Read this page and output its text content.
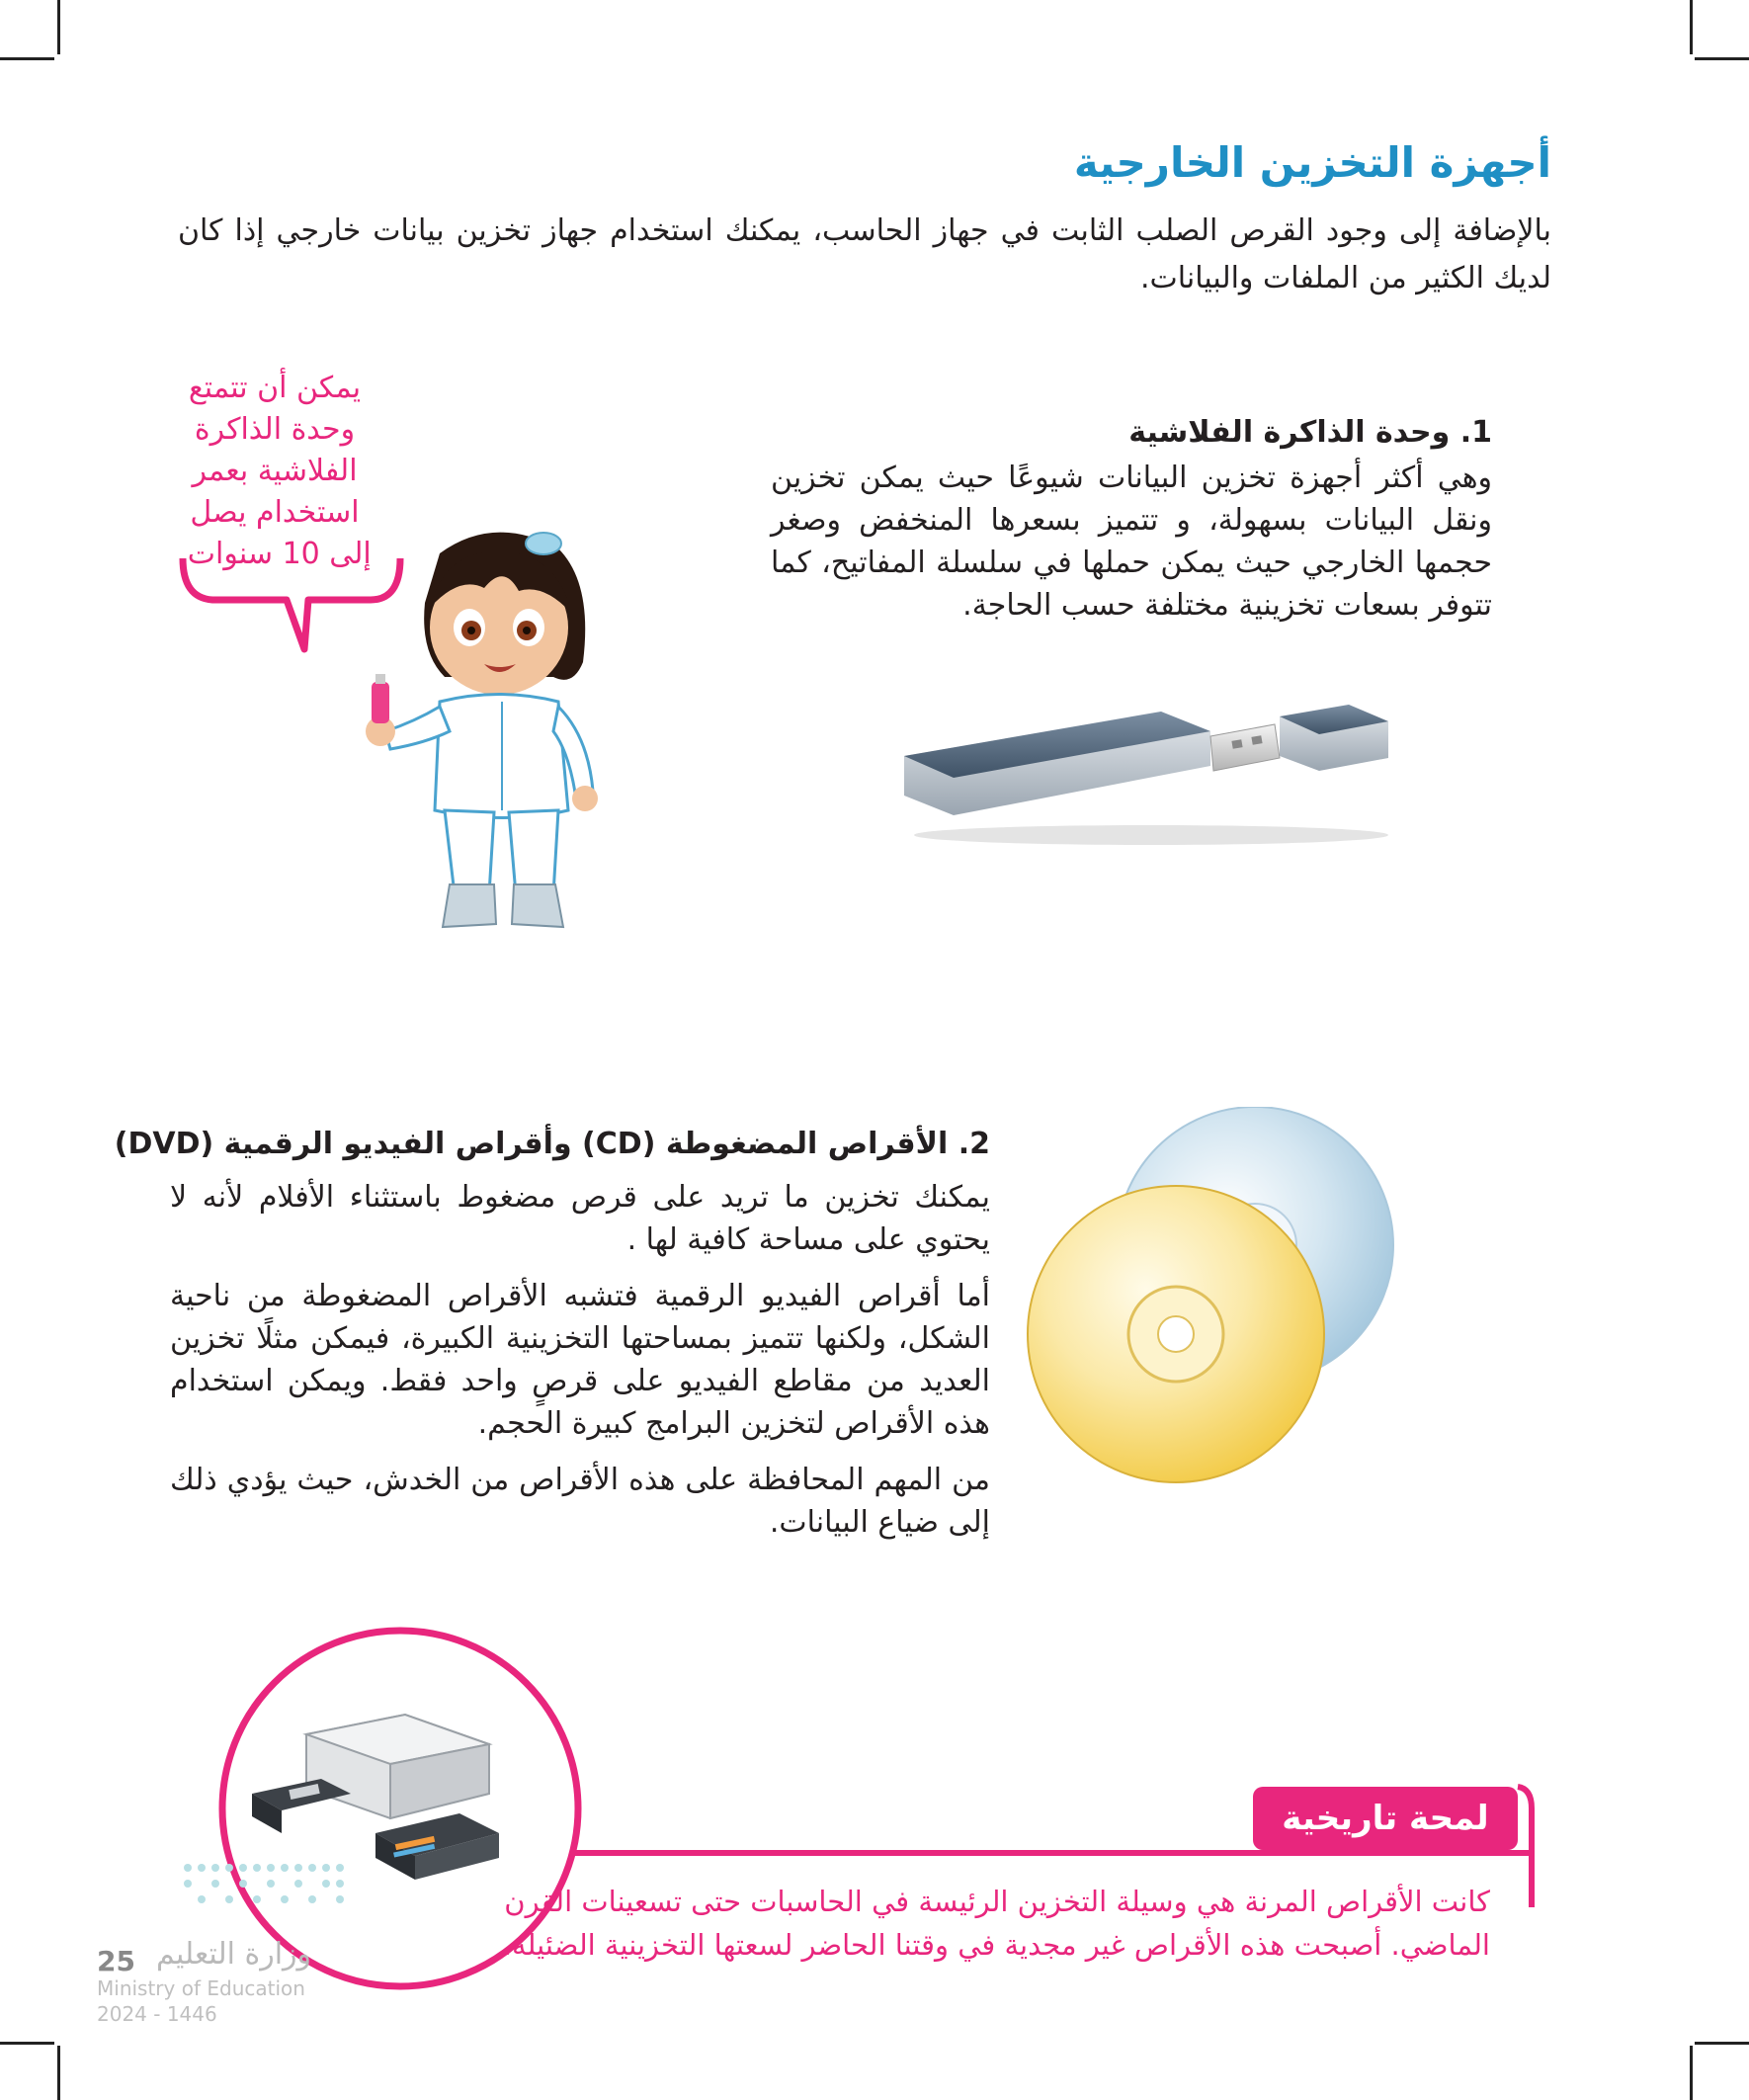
أجهزة التخزين الخارجية
بالإضافة إلى وجود القرص الصلب الثابت في جهاز الحاسب، يمكنك استخدام جهاز تخزين بيانات خارجي إذا كان لديك الكثير من الملفات والبيانات.
يمكن أن تتمتع
وحدة الذاكرة
الفلاشية بعمر
استخدام يصل
إلى 10 سنوات.
1. وحدة الذاكرة الفلاشية
وهي أكثر أجهزة تخزين البيانات شيوعًا حيث يمكن تخزين ونقل البيانات بسهولة، و تتميز بسعرها المنخفض وصغر حجمها الخارجي حيث يمكن حملها في سلسلة المفاتيح، كما تتوفر بسعات تخزينية مختلفة حسب الحاجة.
2. الأقراص المضغوطة (CD) وأقراص الفيديو الرقمية (DVD)

يمكنك تخزين ما تريد على قرص مضغوط باستثناء الأفلام لأنه لا يحتوي على مساحة كافية لها .

أما أقراص الفيديو الرقمية فتشبه الأقراص المضغوطة من ناحية الشكل، ولكنها تتميز بمساحتها التخزينية الكبيرة، فيمكن مثلًا تخزين العديد من مقاطع الفيديو على قرصٍ واحد فقط. ويمكن استخدام هذه الأقراص لتخزين البرامج كبيرة الحجم.

من المهم المحافظة على هذه الأقراص من الخدش، حيث يؤدي ذلك إلى ضياع البيانات.

لمحة تاريخية
كانت الأقراص المرنة هي وسيلة التخزين الرئيسة في الحاسبات حتى تسعينات القرن الماضي. أصبحت هذه الأقراص غير مجدية في وقتنا الحاضر لسعتها التخزينية الضئيلة.
25 وزارة التعليم
Ministry of Education
2024 - 1446
